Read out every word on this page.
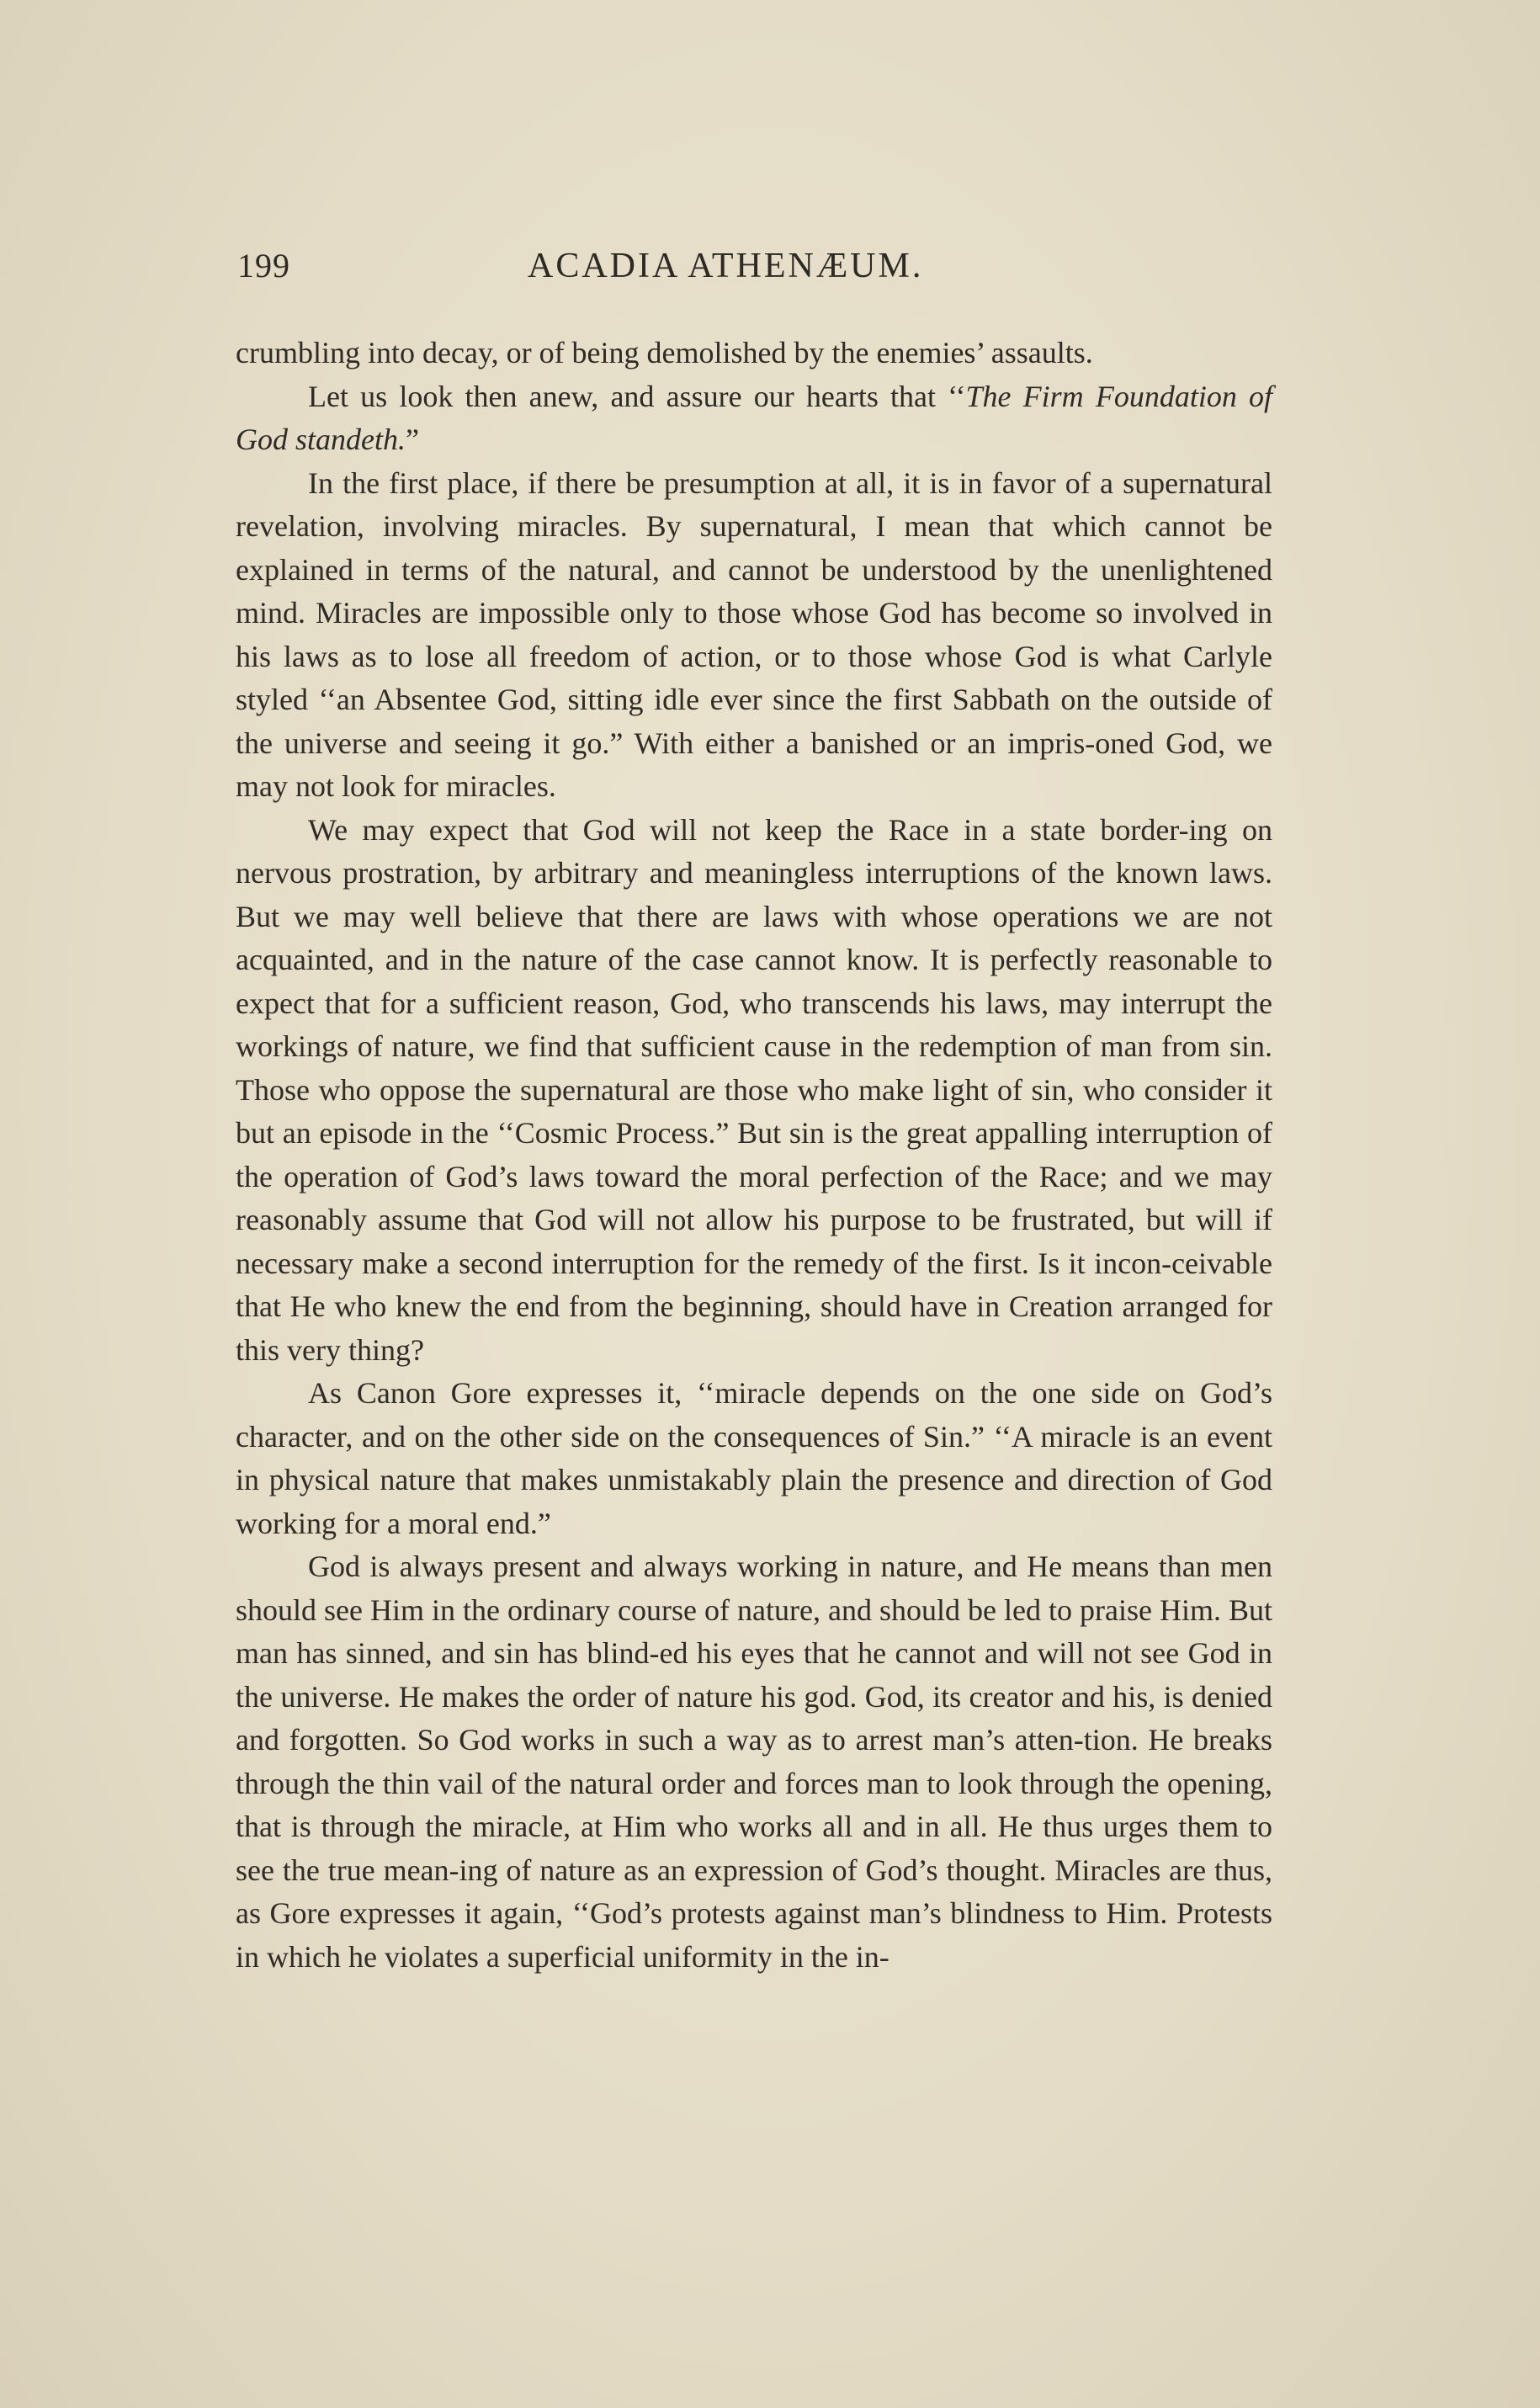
199	ACADIA ATHENÆUM.

crumbling into decay, or of being demolished by the enemies’ assaults.

Let us look then anew, and assure our hearts that ‘‘The Firm Foundation of God standeth.”

In the first place, if there be presumption at all, it is in favor of a supernatural revelation, involving miracles. By supernatural, I mean that which cannot be explained in terms of the natural, and cannot be understood by the unenlightened mind. Miracles are impossible only to those whose God has become so involved in his laws as to lose all freedom of action, or to those whose God is what Carlyle styled ‘‘an Absentee God, sitting idle ever since the first Sabbath on the outside of the universe and seeing it go.” With either a banished or an impris-oned God, we may not look for miracles.

We may expect that God will not keep the Race in a state border-ing on nervous prostration, by arbitrary and meaningless interruptions of the known laws. But we may well believe that there are laws with whose operations we are not acquainted, and in the nature of the case cannot know. It is perfectly reasonable to expect that for a sufficient reason, God, who transcends his laws, may interrupt the workings of nature, we find that sufficient cause in the redemption of man from sin. Those who oppose the supernatural are those who make light of sin, who consider it but an episode in the ‘‘Cosmic Process.” But sin is the great appalling interruption of the operation of God’s laws toward the moral perfection of the Race; and we may reasonably assume that God will not allow his purpose to be frustrated, but will if necessary make a second interruption for the remedy of the first. Is it incon-ceivable that He who knew the end from the beginning, should have in Creation arranged for this very thing?

As Canon Gore expresses it, ‘‘miracle depends on the one side on God’s character, and on the other side on the consequences of Sin.” ‘‘A miracle is an event in physical nature that makes unmistakably plain the presence and direction of God working for a moral end.”

God is always present and always working in nature, and He means than men should see Him in the ordinary course of nature, and should be led to praise Him. But man has sinned, and sin has blind-ed his eyes that he cannot and will not see God in the universe. He makes the order of nature his god. God, its creator and his, is denied and forgotten. So God works in such a way as to arrest man’s atten-tion. He breaks through the thin vail of the natural order and forces man to look through the opening, that is through the miracle, at Him who works all and in all. He thus urges them to see the true mean-ing of nature as an expression of God’s thought. Miracles are thus, as Gore expresses it again, ‘‘God’s protests against man’s blindness to Him. Protests in which he violates a superficial uniformity in the in-
